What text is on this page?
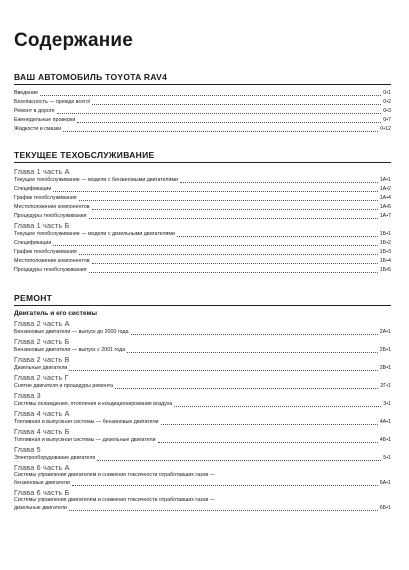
Содержание
ВАШ АВТОМОБИЛЬ TOYOTA RAV4
Введение	0•1
Безопасность — прежде всего!	0•2
Ремонт в дороге	0•3
Еженедельные проверки	0•7
Жидкости и смазки	0•12
ТЕКУЩЕЕ ТЕХОБСЛУЖИВАНИЕ
Глава 1 часть А
Текущее техобслуживание — модели с бензиновыми двигателями	1А•1
Спецификации	1А•2
График техобслуживания	1А•4
Местоположение компонентов	1А•5
Процедуры техобслуживания	1А•7
Глава 1 часть Б
Текущее техобслуживание — модели с дизельными двигателями	1Б•1
Спецификации	1Б•2
График техобслуживания	1Б•3
Местоположение компонентов	1Б•4
Процедуры техобслуживания	1Б•5
РЕМОНТ
Двигатель и его системы
Глава 2 часть А
Бензиновые двигатели — выпуск до 2000 года	2А•1
Глава 2 часть Б
Бензиновые двигатели — выпуск с 2001 года	2Б•1
Глава 2 часть В
Дизельные двигатели	2В•1
Глава 2 часть Г
Снятие двигателя и процедуры ремонта	2Г•1
Глава 3
Системы охлаждения, отопления и кондиционирования воздуха	3•1
Глава 4 часть А
Топливная и выпускная системы — бензиновые двигатели	4А•1
Глава 4 часть Б
Топливная и выпускная системы — дизельные двигатели	4Б•1
Глава 5
Электрооборудование двигателя	5•1
Глава 6 часть А
Системы управления двигателем и снижения токсичности отработавших газов —
бензиновые двигатели	6А•1
Глава 6 часть Б
Системы управления двигателем и снижения токсичности отработавших газов —
дизельные двигатели	6Б•1
